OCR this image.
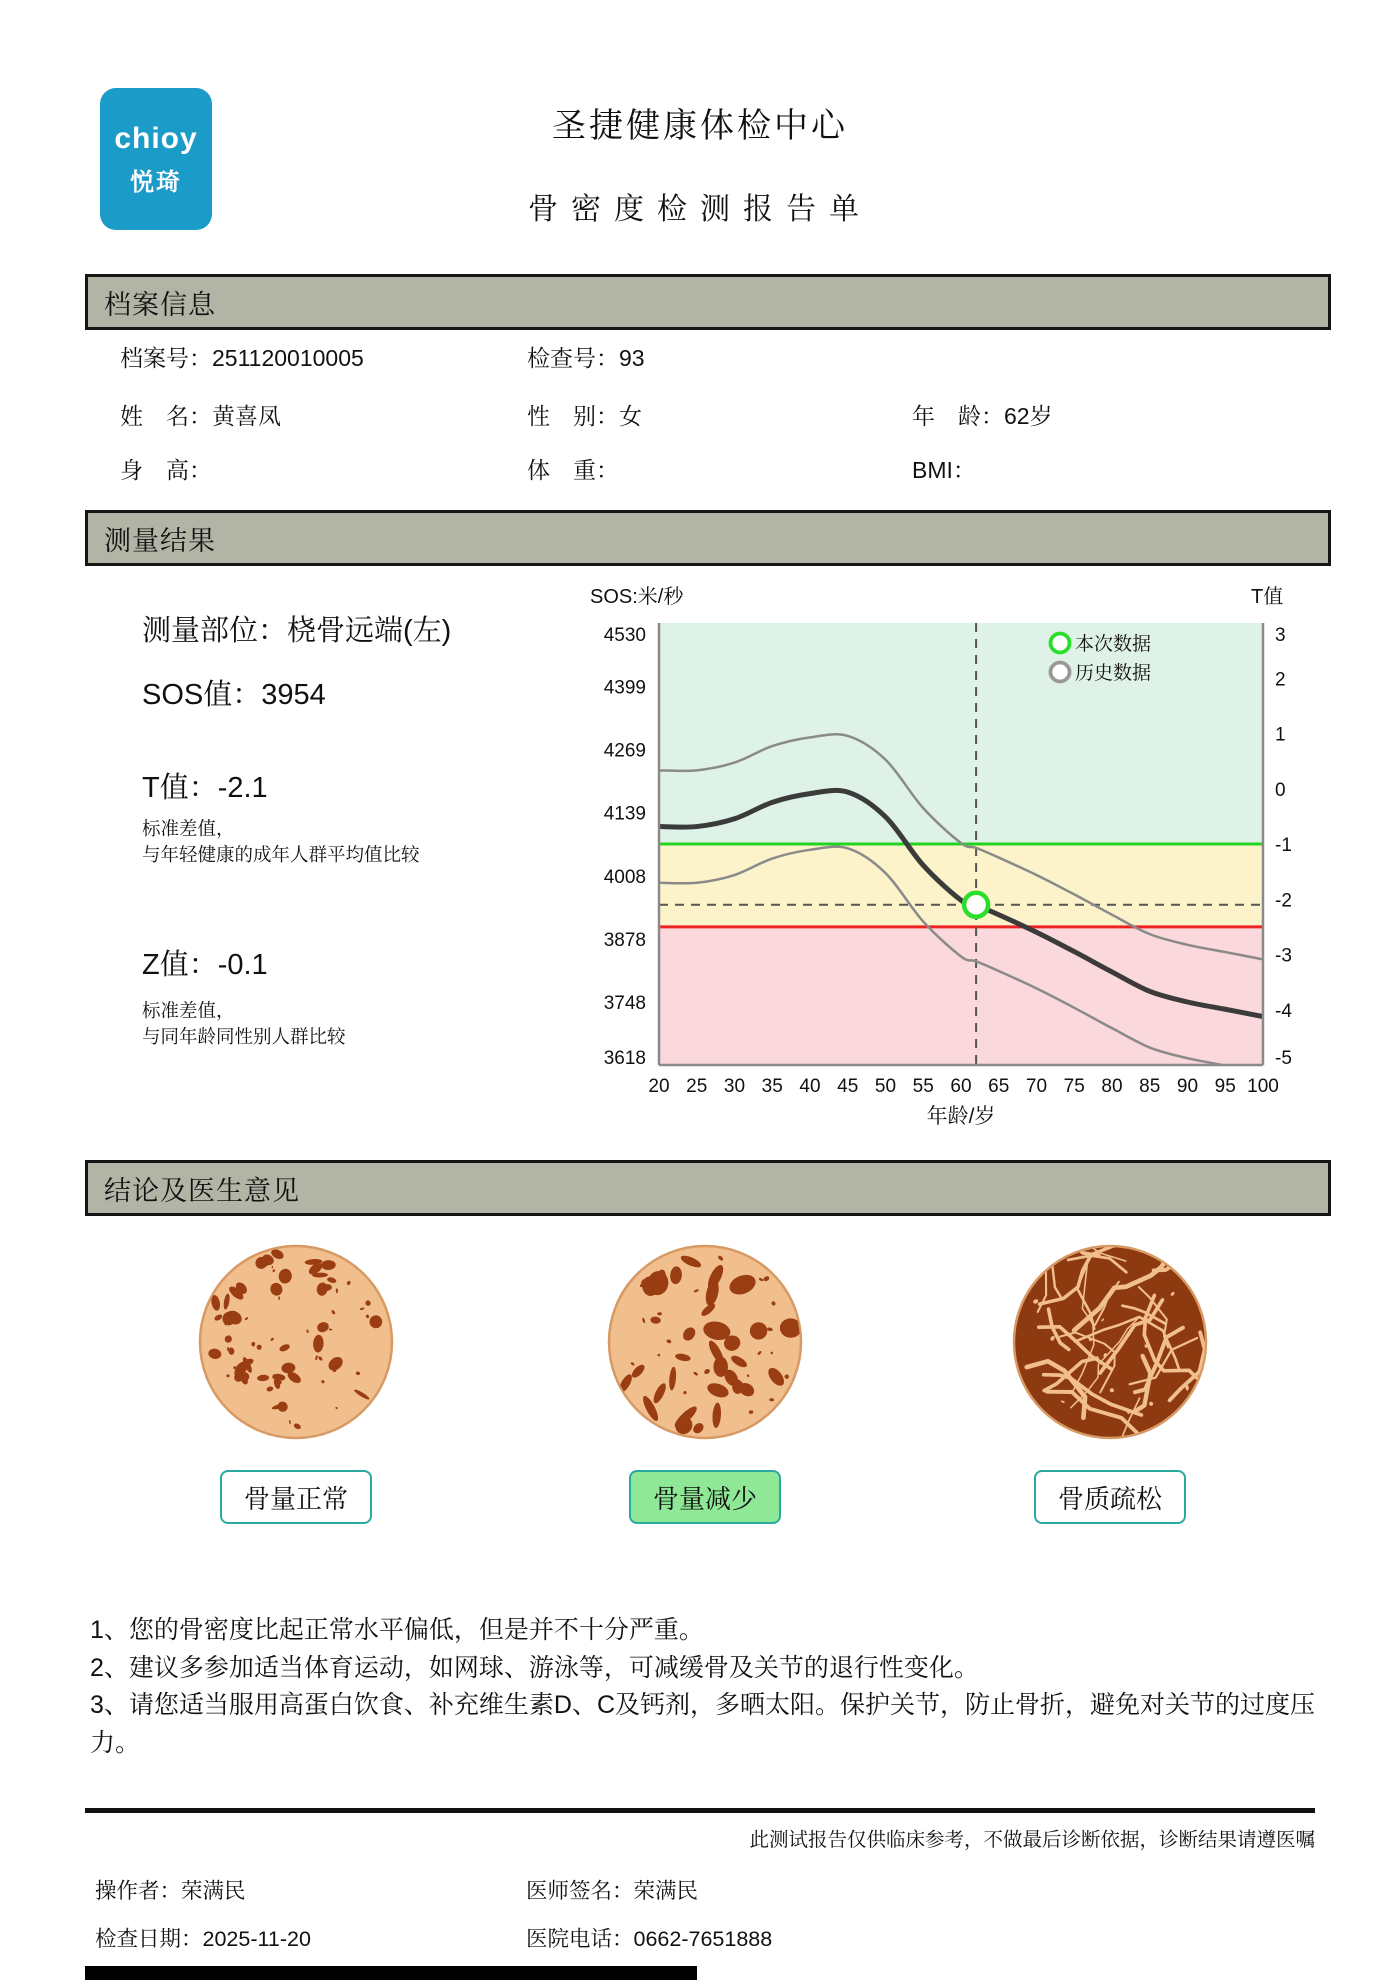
chioy
悦琦
圣捷健康体检中心
骨密度检测报告单
档案信息
档案号：251120010005	检查号：93
姓　名：黄喜凤	性　别：女	年　龄：62岁
身　高：	体　重：	BMI：
测量结果
测量部位：桡骨远端(左)
SOS值：3954
T值：-2.1
标准差值，
与年轻健康的成年人群平均值比较
Z值：-0.1
标准差值，
与同年龄同性别人群比较
4530
4399
4269
4139
4008
3878
3748
3618
3
2
1
0
-1
-2
-3
-4
-5
20 25 30 35 40 45 50 55 60 65 70 75 80 85 90 95 100
SOS:米/秒	T值
年龄/岁
本次数据
历史数据
结论及医生意见
骨量正常	骨量减少	骨质疏松
1、您的骨密度比起正常水平偏低，但是并不十分严重。
2、建议多参加适当体育运动，如网球、游泳等，可减缓骨及关节的退行性变化。
3、请您适当服用高蛋白饮食、补充维生素D、C及钙剂，多晒太阳。保护关节，防止骨折，避免对关节的过度压力。
此测试报告仅供临床参考，不做最后诊断依据，诊断结果请遵医嘱
操作者：荣满民	医师签名：荣满民
检查日期：2025-11-20	医院电话：0662-7651888
